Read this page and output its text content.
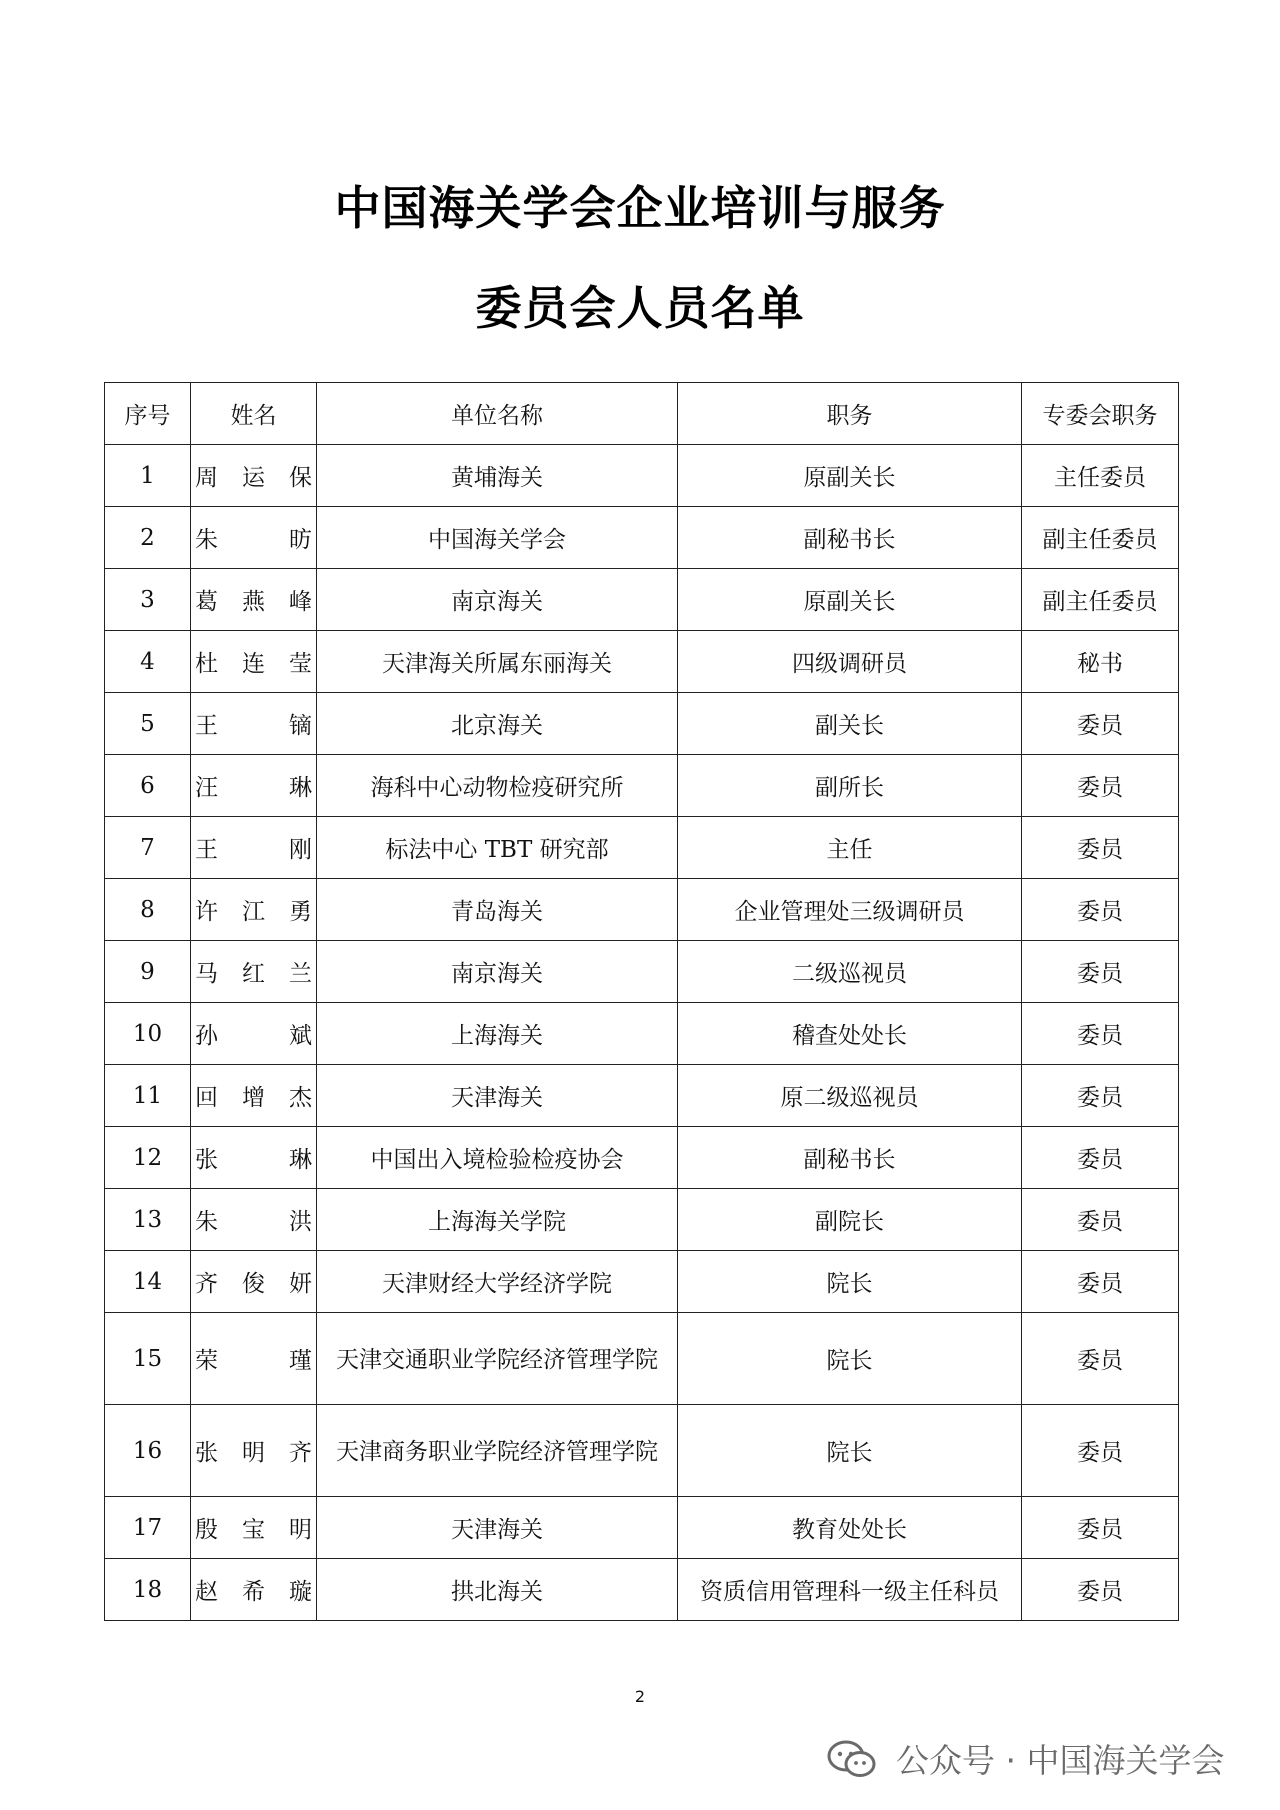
中国海关学会企业培训与服务
委员会人员名单
序号	姓名	单位名称	职务	专委会职务
1	周运保	黄埔海关	原副关长	主任委员
2	朱昉	中国海关学会	副秘书长	副主任委员
3	葛燕峰	南京海关	原副关长	副主任委员
4	杜连莹	天津海关所属东丽海关	四级调研员	秘书
5	王镝	北京海关	副关长	委员
6	汪琳	海科中心动物检疫研究所	副所长	委员
7	王刚	标法中心 TBT 研究部	主任	委员
8	许江勇	青岛海关	企业管理处三级调研员	委员
9	马红兰	南京海关	二级巡视员	委员
10	孙斌	上海海关	稽查处处长	委员
11	回增杰	天津海关	原二级巡视员	委员
12	张琳	中国出入境检验检疫协会	副秘书长	委员
13	朱洪	上海海关学院	副院长	委员
14	齐俊妍	天津财经大学经济学院	院长	委员
15	荣瑾	天津交通职业学院经济管理学院	院长	委员
16	张明齐	天津商务职业学院经济管理学院	院长	委员
17	殷宝明	天津海关	教育处处长	委员
18	赵希璇	拱北海关	资质信用管理科一级主任科员	委员
2
公众号 · 中国海关学会
